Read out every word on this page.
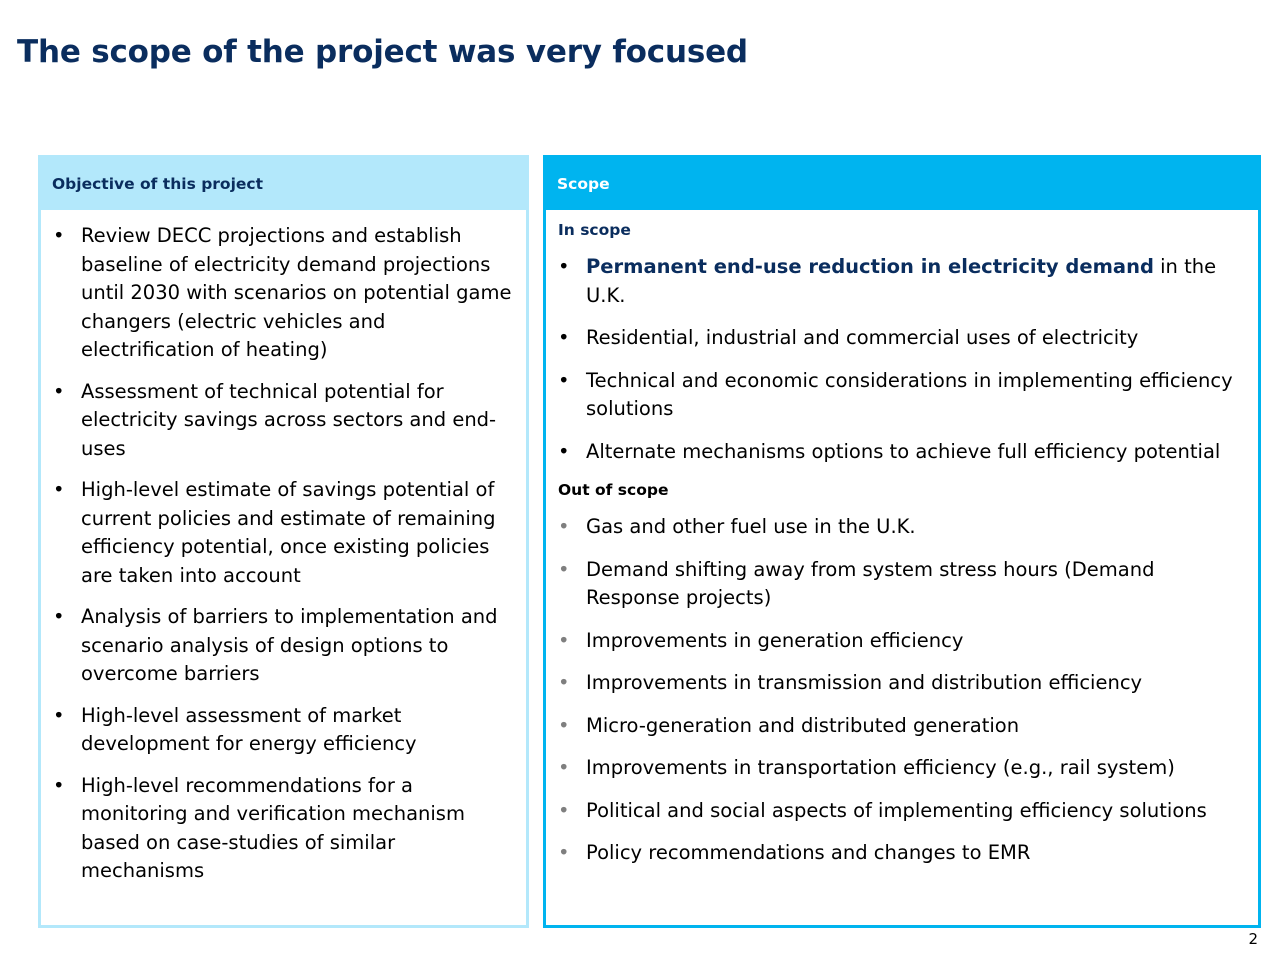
The scope of the project was very focused
Objective of this project
• Review DECC projections and establish baseline of electricity demand projections until 2030 with scenarios on potential game changers (electric vehicles and electrification of heating)
• Assessment of technical potential for electricity savings across sectors and end-uses
• High-level estimate of savings potential of current policies and estimate of remaining efficiency potential, once existing policies are taken into account
• Analysis of barriers to implementation and scenario analysis of design options to overcome barriers
• High-level assessment of market development for energy efficiency
• High-level recommendations for a monitoring and verification mechanism based on case-studies of similar mechanisms
Scope
In scope
• Permanent end-use reduction in electricity demand in the U.K.
• Residential, industrial and commercial uses of electricity
• Technical and economic considerations in implementing efficiency solutions
• Alternate mechanisms options to achieve full efficiency potential
Out of scope
• Gas and other fuel use in the U.K.
• Demand shifting away from system stress hours (Demand Response projects)
• Improvements in generation efficiency
• Improvements in transmission and distribution efficiency
• Micro-generation and distributed generation
• Improvements in transportation efficiency (e.g., rail system)
• Political and social aspects of implementing efficiency solutions
• Policy recommendations and changes to EMR
2
